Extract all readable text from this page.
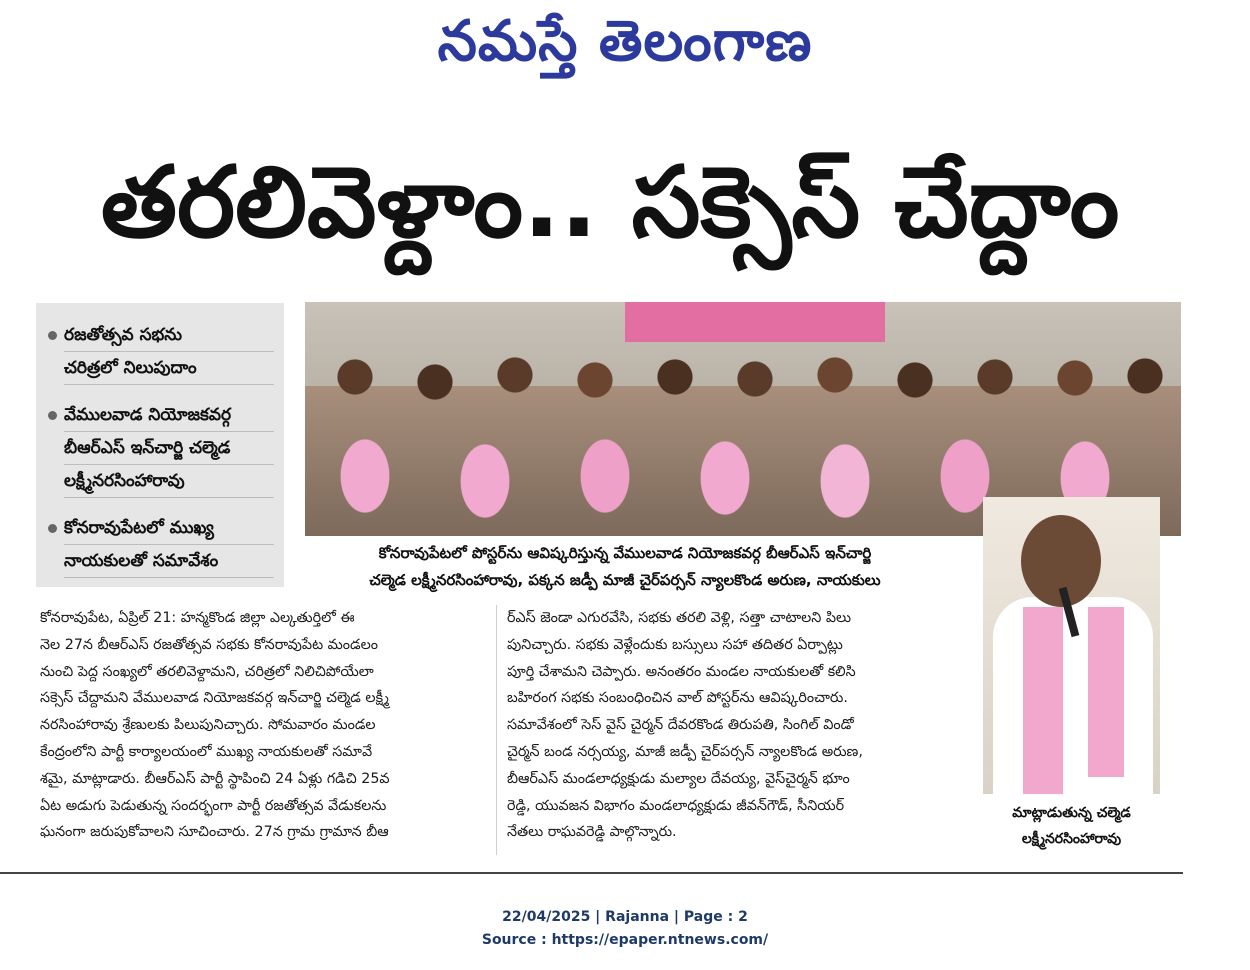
నమస్తే తెలంగాణ
తరలివెళ్దాం.. సక్సెస్ చేద్దాం
రజతోత్సవ సభను
చరిత్రలో నిలుపుదాం
వేములవాడ నియోజకవర్గ
బీఆర్ఎస్ ఇన్‌చార్జి చల్మెడ
లక్ష్మీనరసింహారావు
కోనరావుపేటలో ముఖ్య
నాయకులతో సమావేశం	కోనరావుపేటలో పోస్టర్‌ను ఆవిష్కరిస్తున్న వేములవాడ నియోజకవర్గ బీఆర్ఎస్ ఇన్‌చార్జి
చల్మెడ లక్ష్మీనరసింహారావు, పక్కన జడ్పీ మాజీ చైర్‌పర్సన్ న్యాలకొండ అరుణ, నాయకులు
మాట్లాడుతున్న చల్మెడ
లక్ష్మీనరసింహారావు
కోనరావుపేట, ఏప్రిల్ 21: హన్మకొండ జిల్లా ఎల్కతుర్తిలో ఈ
నెల 27న బీఆర్ఎస్ రజతోత్సవ సభకు కోనరావుపేట మండలం
నుంచి పెద్ద సంఖ్యలో తరలివెళ్దామని, చరిత్రలో నిలిచిపోయేలా
సక్సెస్ చేద్దామని వేములవాడ నియోజకవర్గ ఇన్‌చార్జి చల్మెడ లక్ష్మీ
నరసింహారావు శ్రేణులకు పిలుపునిచ్చారు. సోమవారం మండల
కేంద్రంలోని పార్టీ కార్యాలయంలో ముఖ్య నాయకులతో సమావే
శమై, మాట్లాడారు. బీఆర్ఎస్ పార్టీ స్థాపించి 24 ఏళ్లు గడిచి 25వ
ఏట అడుగు పెడుతున్న సందర్భంగా పార్టీ రజతోత్సవ వేడుకలను
ఘనంగా జరుపుకోవాలని సూచించారు. 27న గ్రామ గ్రామాన బీఆ
ర్ఎస్ జెండా ఎగురవేసి, సభకు తరలి వెళ్లి, సత్తా చాటాలని పిలు
పునిచ్చారు. సభకు వెళ్లేందుకు బస్సులు సహా తదితర ఏర్పాట్లు
పూర్తి చేశామని చెప్పారు. అనంతరం మండల నాయకులతో కలిసి
బహిరంగ సభకు సంబంధించిన వాల్ పోస్టర్‌ను ఆవిష్కరించారు.
సమావేశంలో సెస్ వైస్ చైర్మన్ దేవరకొండ తిరుపతి, సింగిల్ విండో
చైర్మన్ బండ నర్సయ్య, మాజీ జడ్పీ చైర్‌పర్సన్ న్యాలకొండ అరుణ,
బీఆర్ఎస్ మండలాధ్యక్షుడు మల్యాల దేవయ్య, వైస్‌చైర్మన్ భూం
రెడ్డి, యువజన విభాగం మండలాధ్యక్షుడు జీవన్‌గౌడ్, సీనియర్
నేతలు రాఘవరెడ్డి పాల్గొన్నారు.
22/04/2025 | Rajanna | Page : 2
Source : https://epaper.ntnews.com/
